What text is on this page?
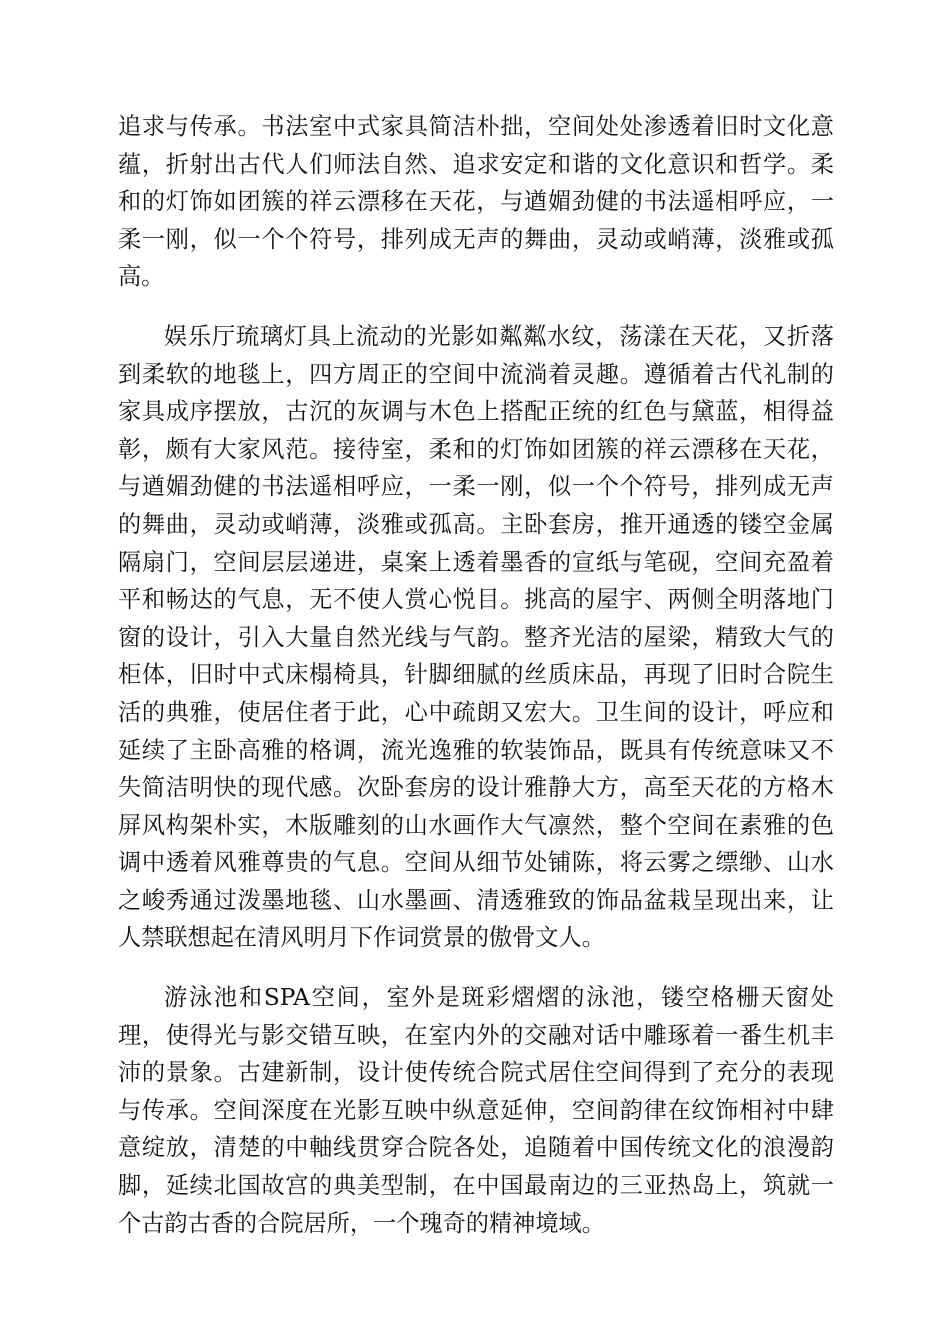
追求与传承。书法室中式家具简洁朴拙，空间处处渗透着旧时文化意蕴，折射出古代人们师法自然、追求安定和谐的文化意识和哲学。柔和的灯饰如团簇的祥云漂移在天花，与遒媚劲健的书法遥相呼应，一柔一刚，似一个个符号，排列成无声的舞曲，灵动或峭薄，淡雅或孤高。

娱乐厅琉璃灯具上流动的光影如粼粼水纹，荡漾在天花，又折落到柔软的地毯上，四方周正的空间中流淌着灵趣。遵循着古代礼制的家具成序摆放，古沉的灰调与木色上搭配正统的红色与黛蓝，相得益彰，颇有大家风范。接待室，柔和的灯饰如团簇的祥云漂移在天花，与遒媚劲健的书法遥相呼应，一柔一刚，似一个个符号，排列成无声的舞曲，灵动或峭薄，淡雅或孤高。主卧套房，推开通透的镂空金属隔扇门，空间层层递进，桌案上透着墨香的宣纸与笔砚，空间充盈着平和畅达的气息，无不使人赏心悦目。挑高的屋宇、两侧全明落地门窗的设计，引入大量自然光线与气韵。整齐光洁的屋梁，精致大气的柜体，旧时中式床榻椅具，针脚细腻的丝质床品，再现了旧时合院生活的典雅，使居住者于此，心中疏朗又宏大。卫生间的设计，呼应和延续了主卧高雅的格调，流光逸雅的软装饰品，既具有传统意味又不失简洁明快的现代感。次卧套房的设计雅静大方，高至天花的方格木屏风构架朴实，木版雕刻的山水画作大气凛然，整个空间在素雅的色调中透着风雅尊贵的气息。空间从细节处铺陈，将云雾之缥缈、山水之峻秀通过泼墨地毯、山水墨画、清透雅致的饰品盆栽呈现出来，让人禁联想起在清风明月下作词赏景的傲骨文人。

游泳池和SPA空间，室外是斑彩熠熠的泳池，镂空格栅天窗处理，使得光与影交错互映，在室内外的交融对话中雕琢着一番生机丰沛的景象。古建新制，设计使传统合院式居住空间得到了充分的表现与传承。空间深度在光影互映中纵意延伸，空间韵律在纹饰相衬中肆意绽放，清楚的中軸线贯穿合院各处，追随着中国传统文化的浪漫韵脚，延续北国故宫的典美型制，在中国最南边的三亚热岛上，筑就一个古韵古香的合院居所，一个瑰奇的精神境域。
